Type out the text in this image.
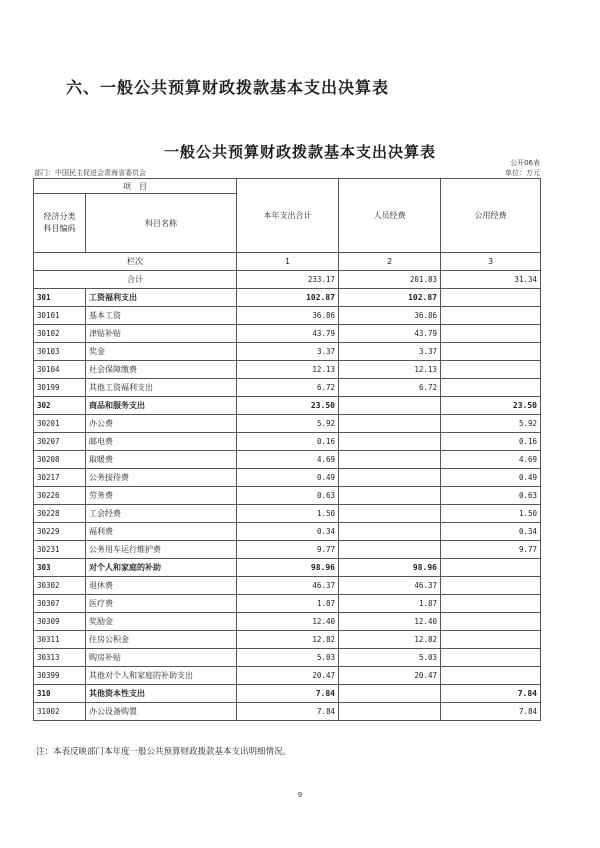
六、一般公共预算财政拨款基本支出决算表
一般公共预算财政拨款基本支出决算表
公开06表
部门：中国民主促进会青海省委员会	单位：万元
项　目		本年支出合计	人员经费	公用经费
经济分类
科目编码	科目名称			

栏次		1	2	3
合计		233.17	201.83	31.34
301	工资福利支出	102.87	102.87	
30101	基本工资	36.86	36.86	
30102	津贴补贴	43.79	43.79	
30103	奖金	3.37	3.37	
30104	社会保障缴费	12.13	12.13	
30199	其他工资福利支出	6.72	6.72	
302	商品和服务支出	23.50		23.50
30201	办公费	5.92		5.92
30207	邮电费	0.16		0.16
30208	取暖费	4.69		4.69
30217	公务接待费	0.49		0.49
30226	劳务费	0.63		0.63
30228	工会经费	1.50		1.50
30229	福利费	0.34		0.34
30231	公务用车运行维护费	9.77		9.77
303	对个人和家庭的补助	98.96	98.96	
30302	退休费	46.37	46.37	
30307	医疗费	1.87	1.87	
30309	奖励金	12.40	12.40	
30311	住房公积金	12.82	12.82	
30313	购房补贴	5.03	5.03	
30399	其他对个人和家庭的补助支出	20.47	20.47	
310	其他资本性支出	7.84		7.84
31002	办公设备购置	7.84		7.84
注：本表反映部门本年度一般公共预算财政拨款基本支出明细情况。
9
